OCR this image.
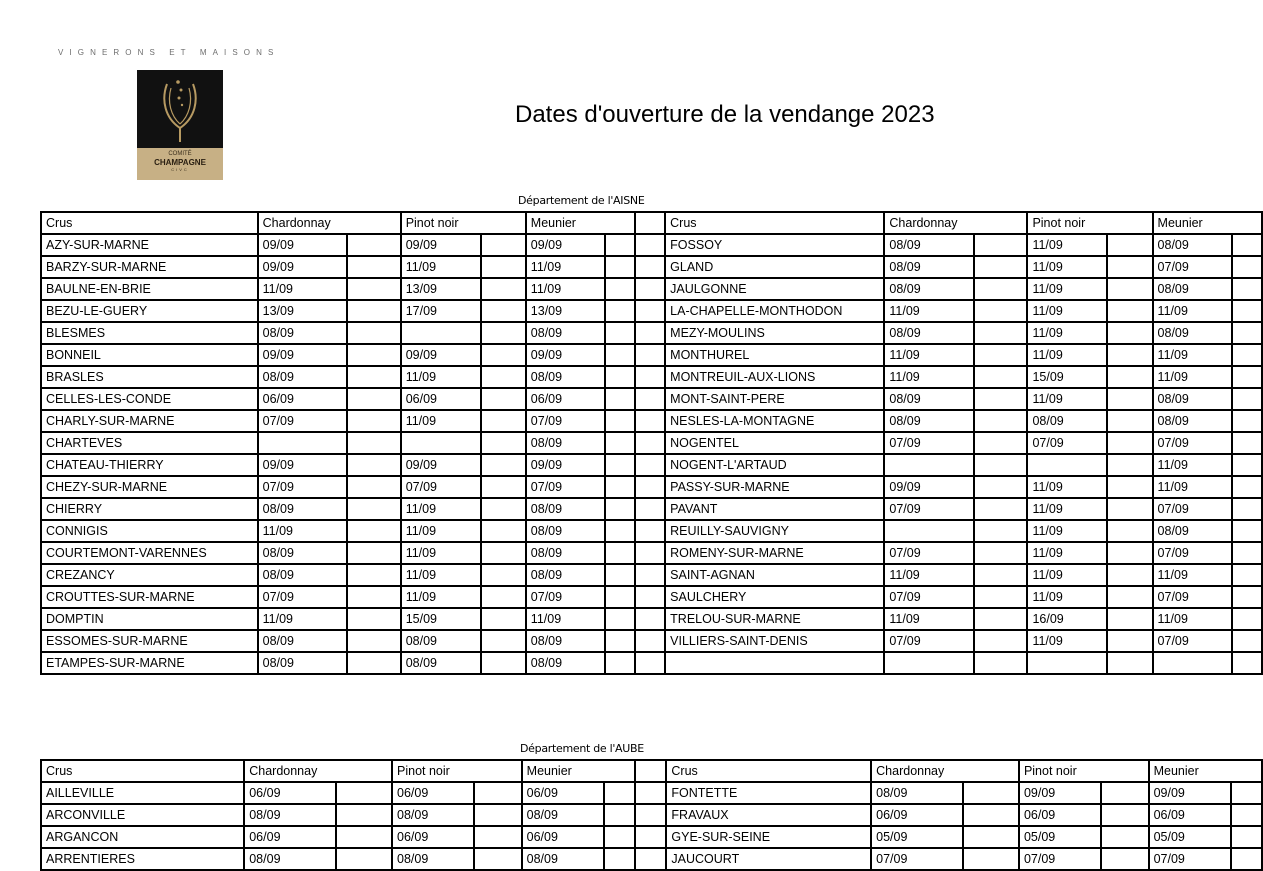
VIGNERONS ET MAISONS
COMITÉ
CHAMPAGNE
CIVC
Dates d'ouverture de la vendange 2023
Département de l'AISNE
Crus	Chardonnay		Pinot noir		Meunier			Crus	Chardonnay		Pinot noir		Meunier	
AZY-SUR-MARNE	09/09		09/09		09/09			FOSSOY	08/09		11/09		08/09	
BARZY-SUR-MARNE	09/09		11/09		11/09			GLAND	08/09		11/09		07/09	
BAULNE-EN-BRIE	11/09		13/09		11/09			JAULGONNE	08/09		11/09		08/09	
BEZU-LE-GUERY	13/09		17/09		13/09			LA-CHAPELLE-MONTHODON	11/09		11/09		11/09	
BLESMES	08/09				08/09			MEZY-MOULINS	08/09		11/09		08/09	
BONNEIL	09/09		09/09		09/09			MONTHUREL	11/09		11/09		11/09	
BRASLES	08/09		11/09		08/09			MONTREUIL-AUX-LIONS	11/09		15/09		11/09	
CELLES-LES-CONDE	06/09		06/09		06/09			MONT-SAINT-PERE	08/09		11/09		08/09	
CHARLY-SUR-MARNE	07/09		11/09		07/09			NESLES-LA-MONTAGNE	08/09		08/09		08/09	
CHARTEVES					08/09			NOGENTEL	07/09		07/09		07/09	
CHATEAU-THIERRY	09/09		09/09		09/09			NOGENT-L'ARTAUD					11/09	
CHEZY-SUR-MARNE	07/09		07/09		07/09			PASSY-SUR-MARNE	09/09		11/09		11/09	
CHIERRY	08/09		11/09		08/09			PAVANT	07/09		11/09		07/09	
CONNIGIS	11/09		11/09		08/09			REUILLY-SAUVIGNY			11/09		08/09	
COURTEMONT-VARENNES	08/09		11/09		08/09			ROMENY-SUR-MARNE	07/09		11/09		07/09	
CREZANCY	08/09		11/09		08/09			SAINT-AGNAN	11/09		11/09		11/09	
CROUTTES-SUR-MARNE	07/09		11/09		07/09			SAULCHERY	07/09		11/09		07/09	
DOMPTIN	11/09		15/09		11/09			TRELOU-SUR-MARNE	11/09		16/09		11/09	
ESSOMES-SUR-MARNE	08/09		08/09		08/09			VILLIERS-SAINT-DENIS	07/09		11/09		07/09	
ETAMPES-SUR-MARNE	08/09		08/09		08/09									
Département de l'AUBE
Crus	Chardonnay		Pinot noir		Meunier			Crus	Chardonnay		Pinot noir		Meunier	
AILLEVILLE	06/09		06/09		06/09			FONTETTE	08/09		09/09		09/09	
ARCONVILLE	08/09		08/09		08/09			FRAVAUX	06/09		06/09		06/09	
ARGANCON	06/09		06/09		06/09			GYE-SUR-SEINE	05/09		05/09		05/09	
ARRENTIERES	08/09		08/09		08/09			JAUCOURT	07/09		07/09		07/09	
